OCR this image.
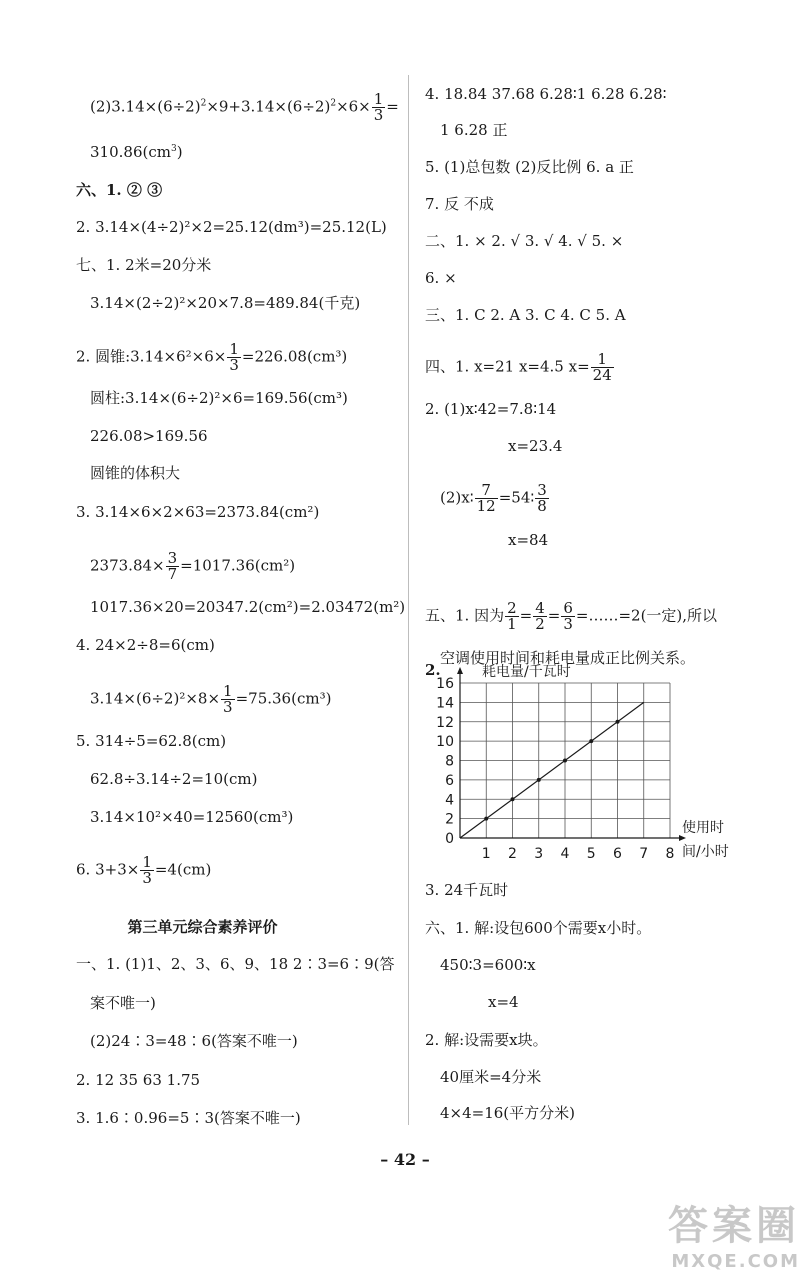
$(2)3.14\times(6\div 2)^2\times 9+3.14\times(6\div 2)^2\times 6\times \frac{1}{3}$ =
$310.86(cm^3)$
六、1. ② ③
2. 3.14×(4÷2)²×2=25.12(dm³)=25.12(L)
七、1. 2米=20分米
3.14×(2÷2)²×20×7.8=489.84(千克)
2. 圆锥:3.14×6²×6× $\frac{1}{3} =226.08(cm^3)$
圆柱:3.14×(6÷2)²×6=169.56(cm³)
226.08>169.56
圆锥的体积大
3. 3.14×6×2×63=2373.84(cm²)
$2373.84\times \frac{3}{7} =1017.36(cm^2)$
1017.36×20=20347.2(cm²)=2.03472(m²)
4. 24×2÷8=6(cm)
$3.14\times(6\div 2)^2\times 8\times \frac{1}{3} =75.36(cm^3)$
5. 314÷5=62.8(cm)
62.8÷3.14÷2=10(cm)
3.14×10²×40=12560(cm³)
6. $3+3\times \frac{1}{3} =4(cm)$
第三单元综合素养评价
一、1. (1)1、2、3、6、9、18 2∶3=6∶9(答
案不唯一)
(2)24∶3=48∶6(答案不唯一)
2. 12 35 63 1.75
3. 1.6∶0.96=5∶3(答案不唯一)
4. 18.84 37.68 6.28∶1 6.28 6.28∶
1 6.28 正
5. (1)总包数 (2)反比例 6. a 正
7. 反 不成
二、1. × 2. √ 3. √ 4. √ 5. ×
6. ×
三、1. C 2. A 3. C 4. C 5. A
四、1. x=21 x=4.5 $x= \frac{1}{24}$
2. (1)x∶42=7.8∶14
x=23.4
(2)x∶ $\frac{7}{12}$ =54∶ $\frac{3}{8}$
x=84
五、1. 因为 $\frac{2}{1} = \frac{4}{2} = \frac{6}{3}$ =……=2(一定),所以
空调使用时间和耗电量成正比例关系。
2.
1 2 3 4 5 6 7 8
0
2
4
6
8
10
12
14
16
耗电量/千瓦时
使用时
间/小时
3. 24千瓦时
六、1. 解:设包600个需要x小时。
450∶3=600∶x
x=4
2. 解:设需要x块。
40厘米=4分米
4×4=16(平方分米)
– 42 –
答案圈
MXQE.COM
